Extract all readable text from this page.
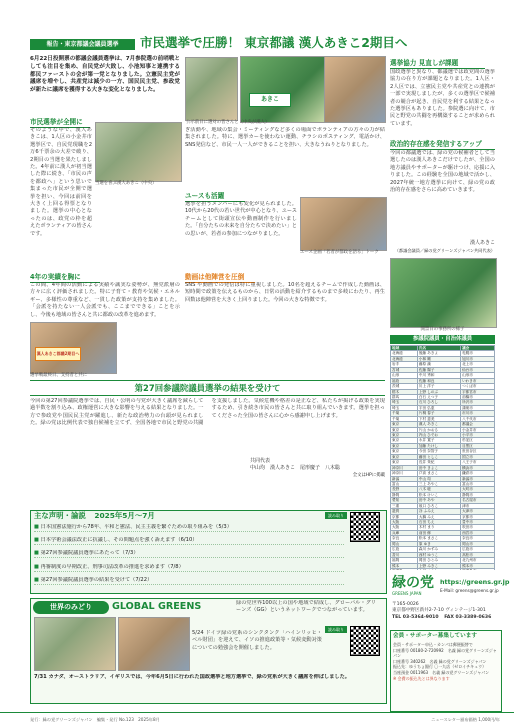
報告・東京都議会議員選挙	市民選挙で圧勝！ 東京都議 漢人あきこ2期目へ
6月22日投開票の都議会議員選挙は、7月参院選の前哨戦としても注目を集め、自民党が大敗し、小池知事と連携する都民ファーストの会が第一党となりました。立憲民主党が議席を増やし、共産党は減少の一方、国民民主党、参政党が新たに議席を獲得する大きな変化となりました。
あきこ
市民選挙が全開に
当選を喜ぶ漢人あきこ（中央）
そのような中で、漢人あきこは、1人区の小金井市選挙区で、自民党現職を2万6千票余の大差で破り、2期目の当選を果たしました。4年前に漢人が初当選した際に続き、「市民の声を都政へ」という思いで集まった市民が全開で選挙を担い、今回は前回を大きく上回る得票となりました。選挙の中心となったのは、政党の枠を超えたボランティアの皆さんです。
4年の実績を胸に
この間、4年間の活動による実績や誠実な姿勢が、無党派層の方々に広く評価されました。特に子育て・教育や気候・エネルギー、多様性の尊重など、一貫した政策が支持を集めました。「会派を持たない一人会派でも、ここまでできる」ことを示し、今後も地域の皆さんと共に都政の改革を進めます。
漢人あきこ都議2期目へ
選挙戦最終日、支持者と共に
公示前日に選対の皆さんと（中央が漢人）
ぎ活動や、地域の集会・ミーティングなど多くの場面でボランティアの方々の力が結集されました。特に、選挙カーを使わない運動、チラシのポスティング、電話かけ、SNS発信など、市民一人一人ができることを担い、大きなうねりとなりました。
ユースも活躍
選挙を担うメンバーにも変化が見られました。10代から20代の若い世代が中心となり、ユースチームとして街頭宣伝や動画制作を行いました。「自分たちの未来を自分たちで決めたい」との思いが、若者の参加につながりました。
ユース企画「若者が都政を語る」トーク
動画は他陣営を圧倒
SNS や動画での発信は特に重視しました。10名を超えるチームで作成した動画は、短時間で政策を伝えるものから、日常の活動を紹介するものまで多岐にわたり、再生回数は他陣営を大きく上回りました。今回の大きな特徴です。
選挙協力 見直しが課題
国政選挙と異なり、都議選では政党間の選挙協力の在り方が課題となりました。1人区・2人区では、立憲民主党や共産党との連携が一部で実現しましたが、多くの選挙区で候補者の競合が起き、自民党を利する結果となった選挙区もありました。参院選に向けて、市民と野党の共闘を再構築することが求められています。
政治的存在感を発信するアップ
今回の都議選では、緑の党の候補者として当選したのは漢人あきこだけでしたが、全国の地方議員やサポーターが駆けつけ、応援に入りました。この経験を全国の地域で活かし、2027年統一地方選挙に向けて、緑の党の政治的存在感をさらに高めていきます。
漢人あきこ
（都議会議員／緑の党グリーンズジャパン共同代表）
開票日の事務所の様子
参議院議員・自治体議員
地域	氏名	議会
北海道	後藤 あきよ	札幌市
北海道	小林 剛	旭川市
岩手	藤原 満	北上市
宮城	佐藤 陽子	仙台市
山形	中川 秀和	山形市
福島	佐藤 和良	いわき市
茨城	川上 洋子	つくば市
栃木	上野 しのぶ	宇都宮市
群馬	白石 えつ子	前橋市
埼玉	石川 ひろし	所沢市
埼玉	宇田 弘恵	鴻巣市
千葉	片桐 春子	市川市
千葉	下村 恵美	八千代市
東京	漢人 あきこ	都議会
東京	片山 かおる	小金井市
東京	内山 ひでお	小平市
東京	永井 寛子	杉並区
東京	加藤 たけし	目黒区
東京	今田 奈智子	世田谷区
東京	藤田 としこ	国立市
東京	長井 茉紀	八王子市
神奈川	田中 きよこ	横浜市
神奈川	戸高 まさこ	鎌倉市
新潟	中山 均	新潟市
富山	三上 あやこ	富山市
長野	八木 聡	大町市
静岡	松本 けいこ	静岡市
愛知	田中 あや	名古屋市
三重	坂口 ひろこ	津市
滋賀	谷 ふみえ	大津市
京都	大橋 みえ	京都市
大阪	石田 ちえ	豊中市
大阪	木村 まり	吹田市
兵庫	前田 修	西宮市
奈良	松本 まさこ	奈良市
岡山	原 ゆき	岡山市
広島	森川 かずみ	広島市
香川	西村 ゆうこ	高松市
福岡	岡田 ひとみ	北九州市
熊本	上野 みきこ	熊本市

第27回参議院議員選挙の結果を受けて
今回の第27回参議院選挙では、自民・公明の与党が大きく議席を減らして過半数を割り込み、政権運営に大きな影響を与える結果となりました。一方で参政党や国民民主党が躍進し、新たな政治勢力の台頭が見られました。緑の党は比例代表で独自候補を立てず、全国各地で市民と野党の共闘を支援しました。気候危機や格差の是正など、私たちが掲げる政策を実現するため、引き続き市民の皆さんと共に取り組んでいきます。選挙を担ってくださった全国の皆さんに心から感謝申し上げます。
共同代表
中山均　漢人あきこ　尾形慶子　八木聡
全文はHPに掲載
主な声明・論説 2025年5月〜7月	読み取り
■ 日本国憲法施行から78年、平和と憲法、民主主義を繋ぐための取り組みを（5/3）
■ 日本学術会議法改正に抗議し、その問題点を強く訴えます（6/10）
■ 第27回参議院議員選挙にあたって（7/3）
■ 再審制度の早期改正、刑事司法改革の推進を求めます（7/8）
■ 第27回参議院議員選挙の結果を受けて（7/22）
世界のみどり	GLOBAL GREENS	緑の党世界100以上の国や地域で結成し、グローバル・グリーンズ（GG）というネットワークでつながっています。
読み取り
5/24 ドイツ緑の党系のシンクタンク「ハインリッヒ・ベル財団」を迎えて、イソの推進政策等・気候変動対策についての勉強会を開催しました。
7/31 カナダ、オーストラリア、イギリスでは、今年6月5日に行われた国政選挙と地方選挙で、緑の党系が大きく議席を伸ばしました。
緑の党
GREENS JAPAN
https://greens.gr.jp
E-Mail: greens@greens.gr.jp
〒165-0026
東京都中野区新井2-7-10 ヴィンテージ1-301
TEL 03-5364-9010 FAX 03-3389-0636
会員・サポーター募集しています
会員・サポーター申込・カンパは郵便振替で
口座番号 00180-2-720992　名義 緑の党グリーンズジャパン
口座番号 340262　名義 緑の党グリーンズジャパン
振込先：ゆうちょ銀行 〇一九店（ゼロイチキュウ）
当座預金 0011963　名義 緑の党グリーンズジャパン
※ 会費の振込先とは異なります
発行：緑の党グリーンズジャパン　編集・発行 No.123　2025年8月	ニュースレター頒布価格 1,000円/年
